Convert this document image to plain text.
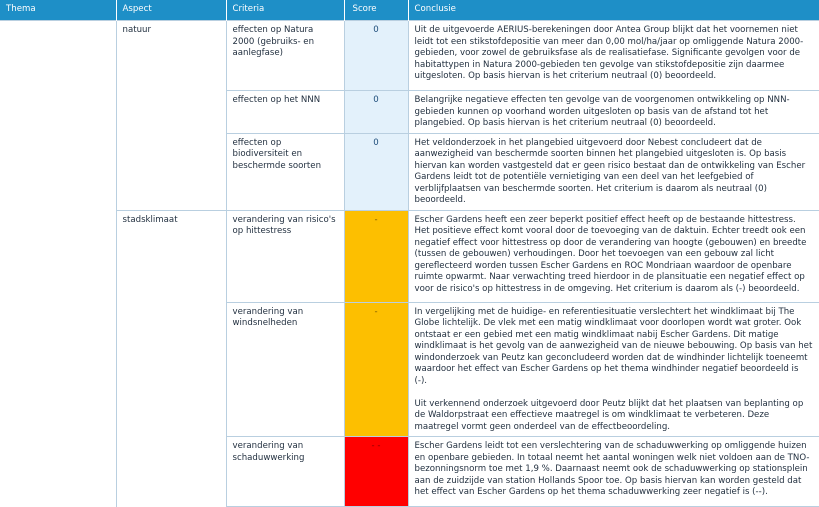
Thema	Aspect	Criteria	Score	Conclusie
	natuur	effecten op Natura 2000 (gebruiks- en aanlegfase)	0	Uit de uitgevoerde AERIUS-berekeningen door Antea Group blijkt dat het voornemen niet leidt tot een stikstofdepositie van meer dan 0,00 mol/ha/jaar op omliggende Natura 2000-gebieden, voor zowel de gebruiksfase als de realisatiefase. Significante gevolgen voor de habitattypen in Natura 2000-gebieden ten gevolge van stikstofdepositie zijn daarmee uitgesloten. Op basis hiervan is het criterium neutraal (0) beoordeeld.

		effecten op het NNN	0	Belangrijke negatieve effecten ten gevolge van de voorgenomen ontwikkeling op NNN-gebieden kunnen op voorhand worden uitgesloten op basis van de afstand tot het plangebied. Op basis hiervan is het criterium neutraal (0) beoordeeld.

		effecten op biodiversiteit en beschermde soorten	0	Het veldonderzoek in het plangebied uitgevoerd door Nebest concludeert dat de aanwezigheid van beschermde soorten binnen het plangebied uitgesloten is. Op basis hiervan kan worden vastgesteld dat er geen risico bestaat dan de ontwikkeling van Escher Gardens leidt tot de potentiële vernietiging van een deel van het leefgebied of verblijfplaatsen van beschermde soorten. Het criterium is daarom als neutraal (0) beoordeeld.

	stadsklimaat	verandering van risico's op hittestress	-	Escher Gardens heeft een zeer beperkt positief effect heeft op de bestaande hittestress. Het positieve effect komt vooral door de toevoeging van de daktuin. Echter treedt ook een negatief effect voor hittestress op door de verandering van hoogte (gebouwen) en breedte (tussen de gebouwen) verhoudingen. Door het toevoegen van een gebouw zal licht gereflecteerd worden tussen Escher Gardens en ROC Mondriaan waardoor de openbare ruimte opwarmt. Naar verwachting treed hierdoor in de plansituatie een negatief effect op voor de risico's op hittestress in de omgeving. Het criterium is daarom als (-) beoordeeld.

		verandering van windsnelheden	-	In vergelijking met de huidige- en referentiesituatie verslechtert het windklimaat bij The Globe lichtelijk. De vlek met een matig windklimaat voor doorlopen wordt wat groter. Ook ontstaat er een gebied met een matig windklimaat nabij Escher Gardens. Dit matige windklimaat is het gevolg van de aanwezigheid van de nieuwe bebouwing. Op basis van het windonderzoek van Peutz kan geconcludeerd worden dat de windhinder lichtelijk toeneemt waardoor het effect van Escher Gardens op het thema windhinder negatief beoordeeld is (-).

Uit verkennend onderzoek uitgevoerd door Peutz blijkt dat het plaatsen van beplanting op de Waldorpstraat een effectieve maatregel is om windklimaat te verbeteren. Deze maatregel vormt geen onderdeel van de effectbeoordeling.

		verandering van schaduwwerking	- -	Escher Gardens leidt tot een verslechtering van de schaduwwerking op omliggende huizen en openbare gebieden. In totaal neemt het aantal woningen welk niet voldoen aan de TNO-bezonningsnorm toe met 1,9 %. Daarnaast neemt ook de schaduwwerking op stationsplein aan de zuidzijde van station Hollands Spoor toe. Op basis hiervan kan worden gesteld dat het effect van Escher Gardens op het thema schaduwwerking zeer negatief is (--).
